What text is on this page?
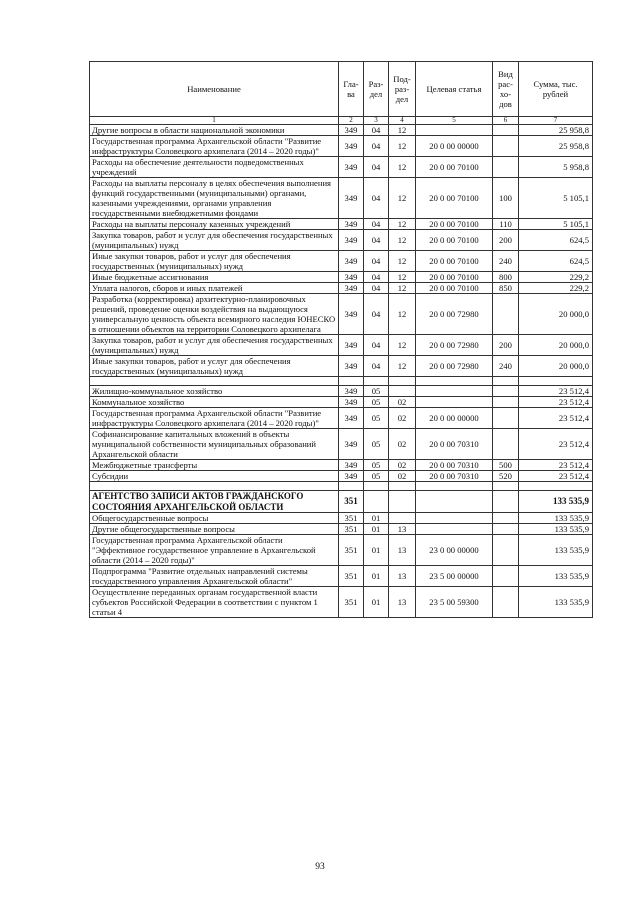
Наименование	Гла-ва	Раз-дел	Под-раз-дел	Целевая статья	Вид рас-хо-дов	Сумма, тыс. рублей
1	2	3	4	5	6	7
Другие вопросы в области национальной экономики	349	04	12			25 958,8
Государственная программа Архангельской области "Развитие инфраструктуры Соловецкого архипелага (2014 – 2020 годы)"	349	04	12	20 0 00 00000		25 958,8
Расходы на обеспечение деятельности подведомственных учреждений	349	04	12	20 0 00 70100		5 958,8
Расходы на выплаты персоналу в целях обеспечения выполнения функций государственными (муниципальными) органами, казенными учреждениями, органами управления государственными внебюджетными фондами	349	04	12	20 0 00 70100	100	5 105,1
Расходы на выплаты персоналу казенных учреждений	349	04	12	20 0 00 70100	110	5 105,1
Закупка товаров, работ и услуг для обеспечения государственных (муниципальных) нужд	349	04	12	20 0 00 70100	200	624,5
Иные закупки товаров, работ и услуг для обеспечения государственных (муниципальных) нужд	349	04	12	20 0 00 70100	240	624,5
Иные бюджетные ассигнования	349	04	12	20 0 00 70100	800	229,2
Уплата налогов, сборов и иных платежей	349	04	12	20 0 00 70100	850	229,2
Разработка (корректировка) архитектурно-планировочных решений, проведение оценки воздействия на выдающуюся универсальную ценность объекта всемирного наследия ЮНЕСКО в отношении объектов на территории Соловецкого архипелага	349	04	12	20 0 00 72980		20 000,0
Закупка товаров, работ и услуг для обеспечения государственных (муниципальных) нужд	349	04	12	20 0 00 72980	200	20 000,0
Иные закупки товаров, работ и услуг для обеспечения государственных (муниципальных) нужд	349	04	12	20 0 00 72980	240	20 000,0

Жилищно-коммунальное хозяйство	349	05				23 512,4
Коммунальное хозяйство	349	05	02			23 512,4
Государственная программа Архангельской области "Развитие инфраструктуры Соловецкого архипелага (2014 – 2020 годы)"	349	05	02	20 0 00 00000		23 512,4
Софинансирование капитальных вложений в объекты муниципальной собственности муниципальных образований Архангельской области	349	05	02	20 0 00 70310		23 512,4
Межбюджетные трансферты	349	05	02	20 0 00 70310	500	23 512,4
Субсидии	349	05	02	20 0 00 70310	520	23 512,4

АГЕНТСТВО ЗАПИСИ АКТОВ ГРАЖДАНСКОГО СОСТОЯНИЯ АРХАНГЕЛЬСКОЙ ОБЛАСТИ	351					133 535,9
Общегосударственные вопросы	351	01				133 535,9
Другие общегосударственные вопросы	351	01	13			133 535,9
Государственная программа Архангельской области "Эффективное государственное управление в Архангельской области (2014 – 2020 годы)"	351	01	13	23 0 00 00000		133 535,9
Подпрограмма "Развитие отдельных направлений системы государственного управления Архангельской области"	351	01	13	23 5 00 00000		133 535,9
Осуществление переданных органам государственной власти субъектов Российской Федерации в соответствии с пунктом 1 статьи 4	351	01	13	23 5 00 59300		133 535,9
93
